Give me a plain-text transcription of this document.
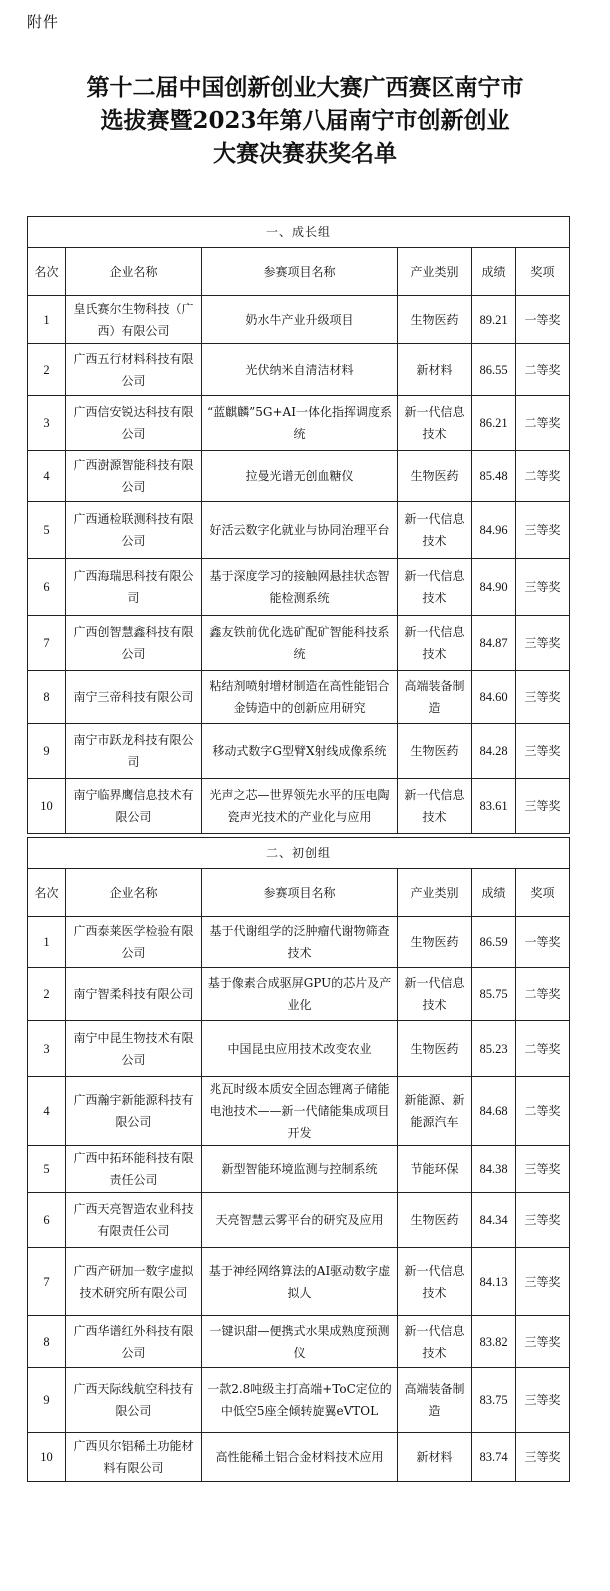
附件
第十二届中国创新创业大赛广西赛区南宁市
选拔赛暨2023年第八届南宁市创新创业
大赛决赛获奖名单
一、成长组					
名次	企业名称	参赛项目名称	产业类别	成绩	奖项
1	皇氏赛尔生物科技（广西）有限公司	奶水牛产业升级项目	生物医药	89.21	一等奖
2	广西五行材料科技有限公司	光伏纳米自清洁材料	新材料	86.55	二等奖
3	广西信安锐达科技有限公司	“蓝麒麟”5G+AI一体化指挥调度系统	新一代信息技术	86.21	二等奖
4	广西澍源智能科技有限公司	拉曼光谱无创血糖仪	生物医药	85.48	二等奖
5	广西通检联测科技有限公司	好活云数字化就业与协同治理平台	新一代信息技术	84.96	三等奖
6	广西海瑞思科技有限公司	基于深度学习的接触网悬挂状态智能检测系统	新一代信息技术	84.90	三等奖
7	广西创智慧鑫科技有限公司	鑫友铁前优化选矿配矿智能科技系统	新一代信息技术	84.87	三等奖
8	南宁三帝科技有限公司	粘结剂喷射增材制造在高性能铝合金铸造中的创新应用研究	高端装备制造	84.60	三等奖
9	南宁市跃龙科技有限公司	移动式数字G型臂X射线成像系统	生物医药	84.28	三等奖
10	南宁临界鹰信息技术有限公司	光声之芯—世界领先水平的压电陶瓷声光技术的产业化与应用	新一代信息技术	83.61	三等奖

二、初创组					
名次	企业名称	参赛项目名称	产业类别	成绩	奖项
1	广西泰莱医学检验有限公司	基于代谢组学的泛肿瘤代谢物筛查技术	生物医药	86.59	一等奖
2	南宁智柔科技有限公司	基于像素合成驱屏GPU的芯片及产业化	新一代信息技术	85.75	二等奖
3	南宁中昆生物技术有限公司	中国昆虫应用技术改变农业	生物医药	85.23	二等奖
4	广西瀚宇新能源科技有限公司	兆瓦时级本质安全固态锂离子储能电池技术——新一代储能集成项目开发	新能源、新能源汽车	84.68	二等奖
5	广西中拓环能科技有限责任公司	新型智能环境监测与控制系统	节能环保	84.38	三等奖
6	广西天亮智造农业科技有限责任公司	天亮智慧云雾平台的研究及应用	生物医药	84.34	三等奖
7	广西产研加一数字虚拟技术研究所有限公司	基于神经网络算法的AI驱动数字虚拟人	新一代信息技术	84.13	三等奖
8	广西华谱红外科技有限公司	一键识甜—便携式水果成熟度预测仪	新一代信息技术	83.82	三等奖
9	广西天际线航空科技有限公司	一款2.8吨级主打高端+ToC定位的中低空5座全倾转旋翼eVTOL	高端装备制造	83.75	三等奖
10	广西贝尔铝稀土功能材料有限公司	高性能稀土铝合金材料技术应用	新材料	83.74	三等奖
